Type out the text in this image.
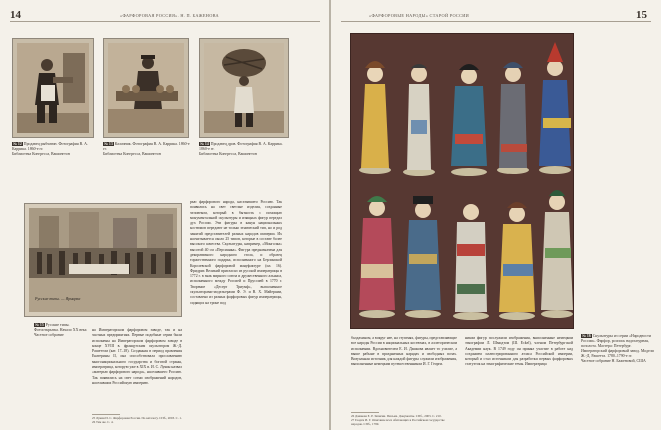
14	«ФАРФОРОВАЯ РОССИЯ». Н. П. БАЖЕНОВА
№ 12 Продавец рыбчатин. Фотография В. А. Каррика. 1860-е гг.
Библиотека Конгресса, Вашингтон
№ 13 Калачник. Фотография В. А. Каррика. 1860-е гг.
Библиотека Конгресса, Вашингтон
№ 14 Продавец дров. Фотография В. А. Каррика. 1860-е гг.
Библиотека Конгресса, Вашингтон
Русские типы. — Ярмарка
№ 15 Русские типы. Фотооткрытка. Начало XX века
Частное собрание
на Императорском фарфоровом заводе, так и на частных предприятиях. Первые подобные серии были исполнены на Императорском фарфоровом заводе в конце XVIII в. французским скульптором Ж.-Д. Рашеттом (кат. 17–18). Созданная в период правления Екатерины II, она способствовала прославлению многонационального государства и богатой страны, императрица, которую уже в XIX в. И. С. Лукин назвал «матерью фарфорового народа», населявшего Россию. Так появились на свет сотни изображений народов, населявших Российскую империю.
рью фарфорового народа, населявшего Россию. Так появились на свет светлые изделия, созданные человеком, который в бытность с помощью монументальной скульптуры и изящных фигур передал дух России. Эти фигуры в канун национальных костюмов передают не только этнический тип, но и род занятий представителей разных народов империи. Их насчитывается около 25 типов, которые в составе более высокого качества. Скульптуры, например, «Монголка» высотой 40 см «Персиянка». Фигура предназначена для декоративного народного стола, и образец торжественного подарка, исполненного на Берлинской Королевской фарфоровой мануфактуре (ил. 16). Фридрих Великий пригласил из русской императрицы в 1772 г. в знак мирного союза и дружественного альянса, исполненного между Россией и Пруссией в 1770 г. Творение «Десерт Триумф», выполненное скульпторами-модельерами Ф. Э. и В. Х. Майерами, составлено из разных фарфоровых фигур императрицы, сидящих на троне под
25 Лукин И. С. Фарфоровая Россия. По каталогу. СПб., 2003. С. 1.
26 Там же. С. 4.
«ФАРФОРОВЫЕ НАРОДЫ» СТАРОЙ РОССИИ	15
№ 16 Скульптуры из серии «Народности России». Фарфор, роспись надглазурная, позолота. Мастера: Петербург. Императорский фарфоровый завод. Модели Ж.-Д. Рашетта. 1780–1790-е гг.
Частное собрание Н. Баженовой, США
балдахином, а вокруг нее, на ступенях, фигуры, представляющие все народы России в национальных костюмах, в аллегорическом исполнении. Вдохновителем Е. И. Дашкова являет то усилие, а выше рабыне в праздничных нарядах и свободных позах. Визуальная источник для каждой фигуры служили изображения, выполненные немецким путешественником И. Г. Георги.
ником фигур послужили изображения, выполненные немецким этнографом Л. Шмидтом (Ш. Eckel), членом Петербургской Академии наук. В 1749 году он принял участие в работе над созданием иллюстрированного атласа Российской империи, который и стал источником для разработки первых фарфоровых статуэток на этнографические темы. Императрица
26 Дашкова Е. Р. Записки. Письма. Документы. СПб., 2003. С. 210.
27 Георги И. Г. Описание всех обитающих в Российском государстве народов. СПб., 1799.
